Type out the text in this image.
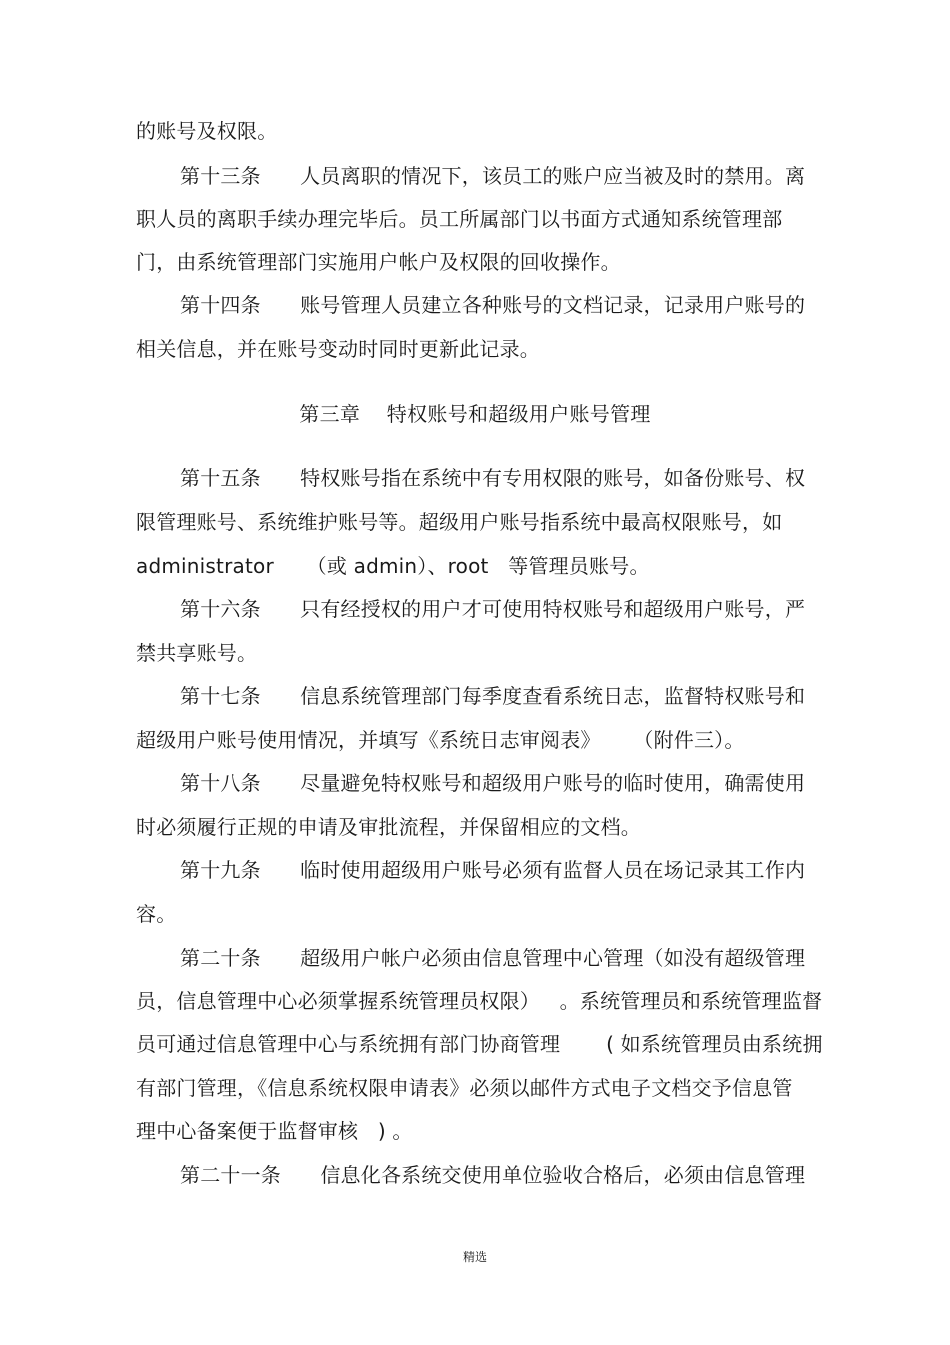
的账号及权限。
第十三条      人员离职的情况下，该员工的账户应当被及时的禁用。离
职人员的离职手续办理完毕后。员工所属部门以书面方式通知系统管理部
门，由系统管理部门实施用户帐户及权限的回收操作。
第十四条      账号管理人员建立各种账号的文档记录，记录用户账号的
相关信息，并在账号变动时同时更新此记录。
第三章    特权账号和超级用户账号管理
第十五条      特权账号指在系统中有专用权限的账号，如备份账号、权
限管理账号、系统维护账号等。超级用户账号指系统中最高权限账号，如
administrator     （或 admin）、root   等管理员账号。
第十六条      只有经授权的用户才可使用特权账号和超级用户账号，严
禁共享账号。
第十七条      信息系统管理部门每季度查看系统日志，监督特权账号和
超级用户账号使用情况，并填写《系统日志审阅表》     （附件三）。
第十八条      尽量避免特权账号和超级用户账号的临时使用，确需使用
时必须履行正规的申请及审批流程，并保留相应的文档。
第十九条      临时使用超级用户账号必须有监督人员在场记录其工作内
容。
第二十条      超级用户帐户必须由信息管理中心管理（如没有超级管理
员，信息管理中心必须掌握系统管理员权限）   。系统管理员和系统管理监督
员可通过信息管理中心与系统拥有部门协商管理       ( 如系统管理员由系统拥
有部门管理，《信息系统权限申请表》必须以邮件方式电子文档交予信息管
理中心备案便于监督审核   ) 。
第二十一条      信息化各系统交使用单位验收合格后，必须由信息管理
精选
